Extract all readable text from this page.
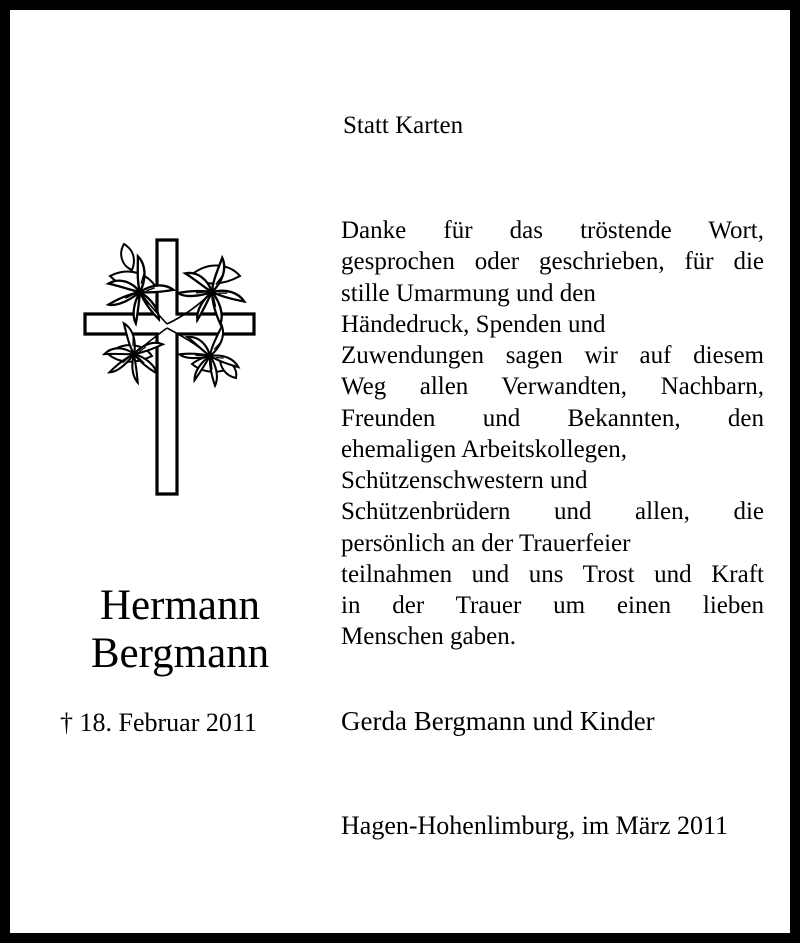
Statt Karten

Danke für das tröstende Wort,
gesprochen oder geschrieben, für die
stille Umarmung und den
Händedruck, Spenden und
Zuwendungen sagen wir auf diesem
Weg allen Verwandten, Nachbarn,
Freunden und Bekannten, den
ehemaligen Arbeitskollegen,
Schützenschwestern und
Schützenbrüdern und allen, die
persönlich an der Trauerfeier
teilnahmen und uns Trost und Kraft
in der Trauer um einen lieben
Menschen gaben.
Hermann
Bergmann

† 18. Februar 2011	Gerda Bergmann und Kinder

Hagen-Hohenlimburg, im März 2011
